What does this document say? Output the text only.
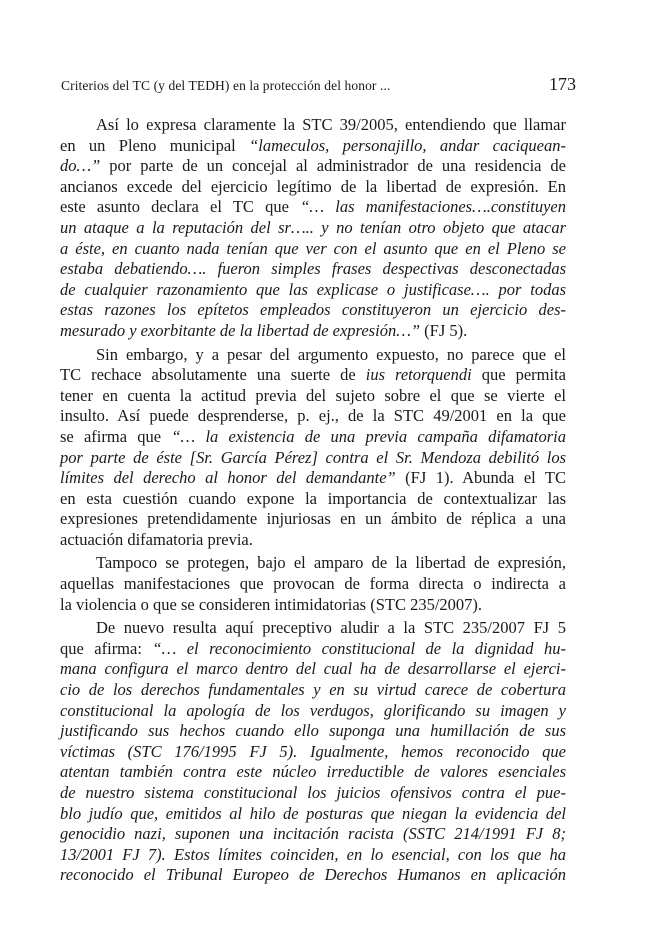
Criterios del TC (y del TEDH) en la protección del honor ...	173
Así lo expresa claramente la STC 39/2005, entendiendo que llamar
en un Pleno municipal “lameculos, personajillo, andar caciquean-
do…” por parte de un concejal al administrador de una residencia de
ancianos excede del ejercicio legítimo de la libertad de expresión. En
este asunto declara el TC que “… las manifestaciones….constituyen
un ataque a la reputación del sr….. y no tenían otro objeto que atacar
a éste, en cuanto nada tenían que ver con el asunto que en el Pleno se
estaba debatiendo…. fueron simples frases despectivas desconectadas
de cualquier razonamiento que las explicase o justificase…. por todas
estas razones los epítetos empleados constituyeron un ejercicio des-
mesurado y exorbitante de la libertad de expresión…” (FJ 5).
Sin embargo, y a pesar del argumento expuesto, no parece que el
TC rechace absolutamente una suerte de ius retorquendi que permita
tener en cuenta la actitud previa del sujeto sobre el que se vierte el
insulto. Así puede desprenderse, p. ej., de la STC 49/2001 en la que
se afirma que “… la existencia de una previa campaña difamatoria
por parte de éste [Sr. García Pérez] contra el Sr. Mendoza debilitó los
límites del derecho al honor del demandante” (FJ 1). Abunda el TC
en esta cuestión cuando expone la importancia de contextualizar las
expresiones pretendidamente injuriosas en un ámbito de réplica a una
actuación difamatoria previa.
Tampoco se protegen, bajo el amparo de la libertad de expresión,
aquellas manifestaciones que provocan de forma directa o indirecta a
la violencia o que se consideren intimidatorias (STC 235/2007).
De nuevo resulta aquí preceptivo aludir a la STC 235/2007 FJ 5
que afirma: “… el reconocimiento constitucional de la dignidad hu-
mana configura el marco dentro del cual ha de desarrollarse el ejerci-
cio de los derechos fundamentales y en su virtud carece de cobertura
constitucional la apología de los verdugos, glorificando su imagen y
justificando sus hechos cuando ello suponga una humillación de sus
víctimas (STC 176/1995 FJ 5). Igualmente, hemos reconocido que
atentan también contra este núcleo irreductible de valores esenciales
de nuestro sistema constitucional los juicios ofensivos contra el pue-
blo judío que, emitidos al hilo de posturas que niegan la evidencia del
genocidio nazi, suponen una incitación racista (SSTC 214/1991 FJ 8;
13/2001 FJ 7). Estos límites coinciden, en lo esencial, con los que ha
reconocido el Tribunal Europeo de Derechos Humanos en aplicación
